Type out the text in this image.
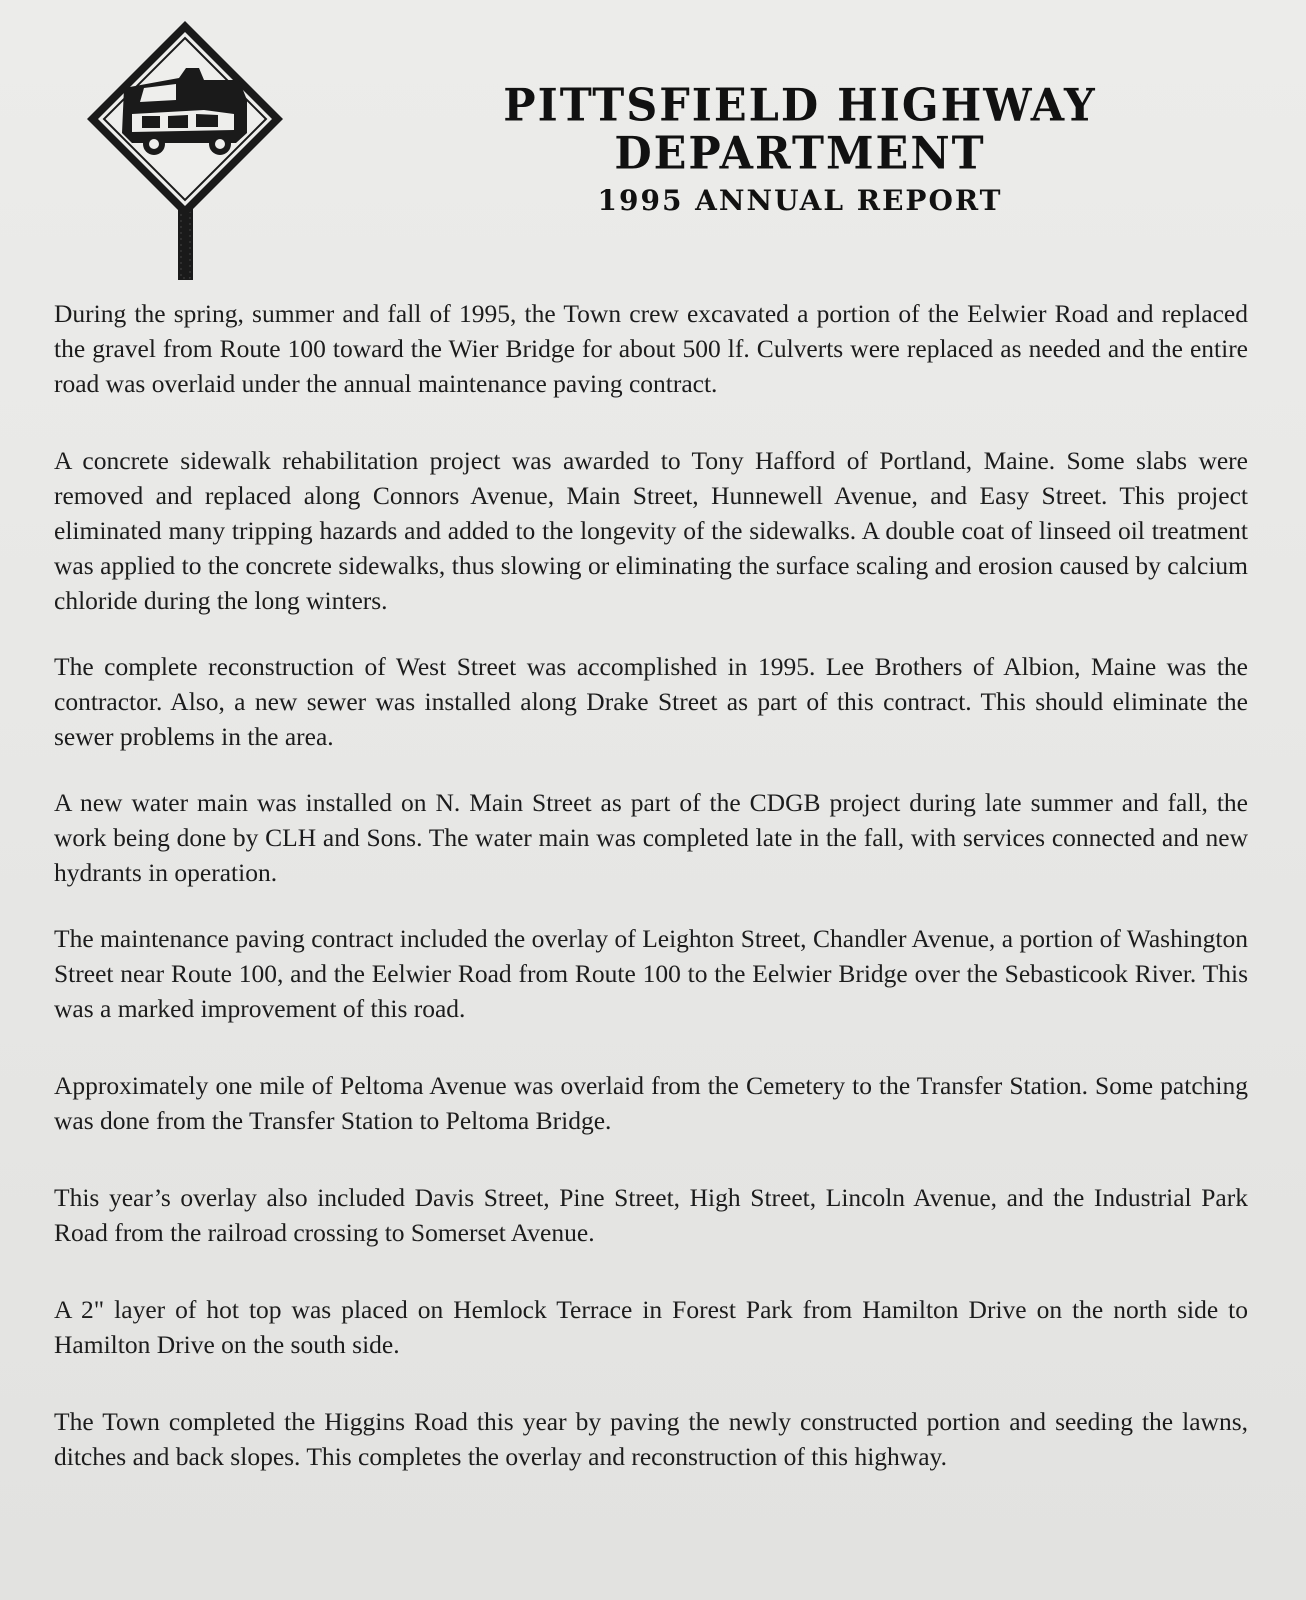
PITTSFIELD HIGHWAY
DEPARTMENT
1995 ANNUAL REPORT

During the spring, summer and fall of 1995, the Town crew excavated a portion of the Eelwier Road and replaced the gravel from Route 100 toward the Wier Bridge for about 500 lf. Culverts were replaced as needed and the entire road was overlaid under the annual maintenance paving contract.

A concrete sidewalk rehabilitation project was awarded to Tony Hafford of Portland, Maine. Some slabs were removed and replaced along Connors Avenue, Main Street, Hunnewell Avenue, and Easy Street. This project eliminated many tripping hazards and added to the longevity of the sidewalks. A double coat of linseed oil treatment was applied to the concrete sidewalks, thus slowing or eliminating the surface scaling and erosion caused by calcium chloride during the long winters.

The complete reconstruction of West Street was accomplished in 1995. Lee Brothers of Albion, Maine was the contractor. Also, a new sewer was installed along Drake Street as part of this contract. This should eliminate the sewer problems in the area.

A new water main was installed on N. Main Street as part of the CDGB project during late summer and fall, the work being done by CLH and Sons. The water main was completed late in the fall, with services connected and new hydrants in operation.

The maintenance paving contract included the overlay of Leighton Street, Chandler Avenue, a portion of Washington Street near Route 100, and the Eelwier Road from Route 100 to the Eelwier Bridge over the Sebasticook River. This was a marked improvement of this road.

Approximately one mile of Peltoma Avenue was overlaid from the Cemetery to the Transfer Station. Some patching was done from the Transfer Station to Peltoma Bridge.

This year’s overlay also included Davis Street, Pine Street, High Street, Lincoln Avenue, and the Industrial Park Road from the railroad crossing to Somerset Avenue.

A 2" layer of hot top was placed on Hemlock Terrace in Forest Park from Hamilton Drive on the north side to Hamilton Drive on the south side.

The Town completed the Higgins Road this year by paving the newly constructed portion and seeding the lawns, ditches and back slopes. This completes the overlay and reconstruction of this highway.
